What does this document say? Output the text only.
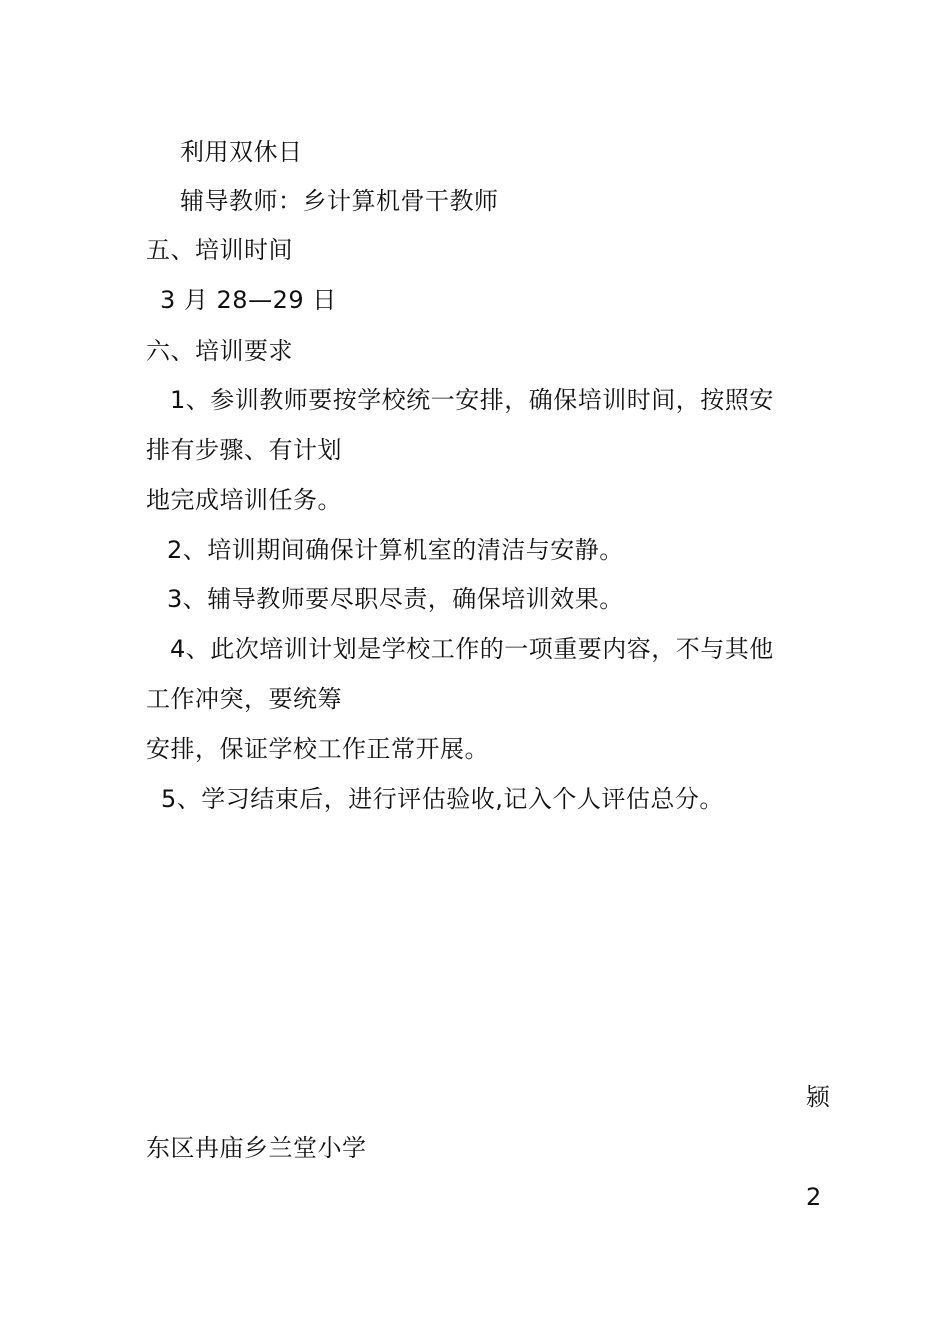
利用双休日
辅导教师：乡计算机骨干教师
五、培训时间
3 月 28—29 日
六、培训要求
1、参训教师要按学校统一安排，确保培训时间，按照安
排有步骤、有计划
地完成培训任务。
2、培训期间确保计算机室的清洁与安静。
3、辅导教师要尽职尽责，确保培训效果。
4、此次培训计划是学校工作的一项重要内容，不与其他
工作冲突，要统筹
安排，保证学校工作正常开展。
5、学习结束后，进行评估验收,记入个人评估总分。
颍
东区冉庙乡兰堂小学
2
